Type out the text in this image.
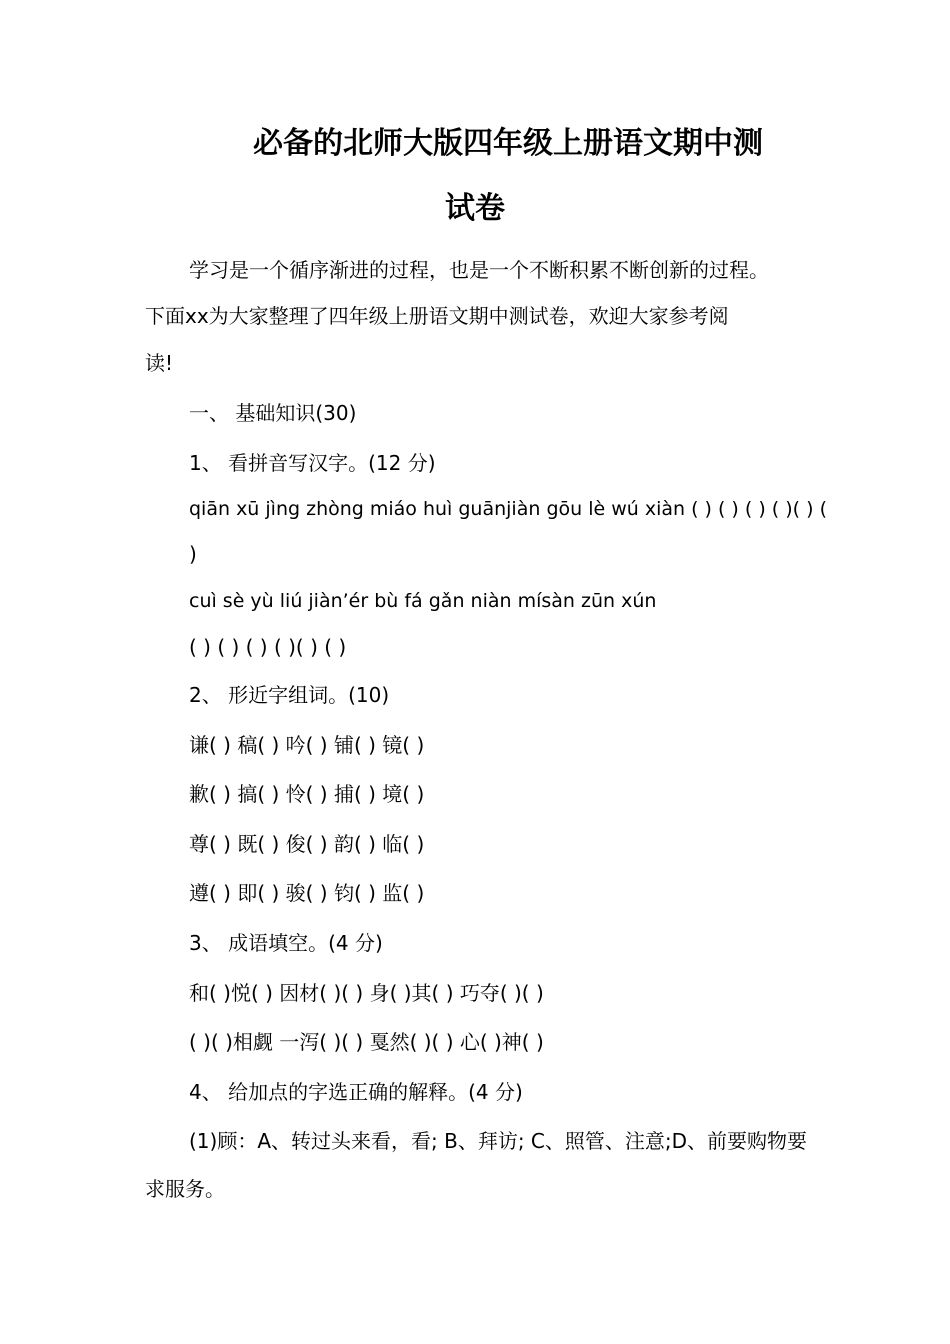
必备的北师大版四年级上册语文期中测
试卷
学习是一个循序渐进的过程，也是一个不断积累不断创新的过程。
下面xx为大家整理了四年级上册语文期中测试卷，欢迎大家参考阅
读!
一、 基础知识(30)
1、 看拼音写汉字。(12 分)
qiān xū jìng zhòng miáo huì guānjiàn gōu lè wú xiàn ( ) ( ) ( ) ( )( ) (
)
cuì sè yù liú jiàn’ér bù fá gǎn niàn mísàn zūn xún
( ) ( ) ( ) ( )( ) ( )
2、 形近字组词。(10)
谦( ) 稿( ) 吟( ) 铺( ) 镜( )
歉( ) 搞( ) 怜( ) 捕( ) 境( )
尊( ) 既( ) 俊( ) 韵( ) 临( )
遵( ) 即( ) 骏( ) 钧( ) 监( )
3、 成语填空。(4 分)
和( )悦( ) 因材( )( ) 身( )其( ) 巧夺( )( )
( )( )相觑 一泻( )( ) 戛然( )( ) 心( )神( )
4、 给加点的字选正确的解释。(4 分)
(1)顾：A、转过头来看，看; B、拜访; C、照管、注意;D、前要购物要
求服务。
